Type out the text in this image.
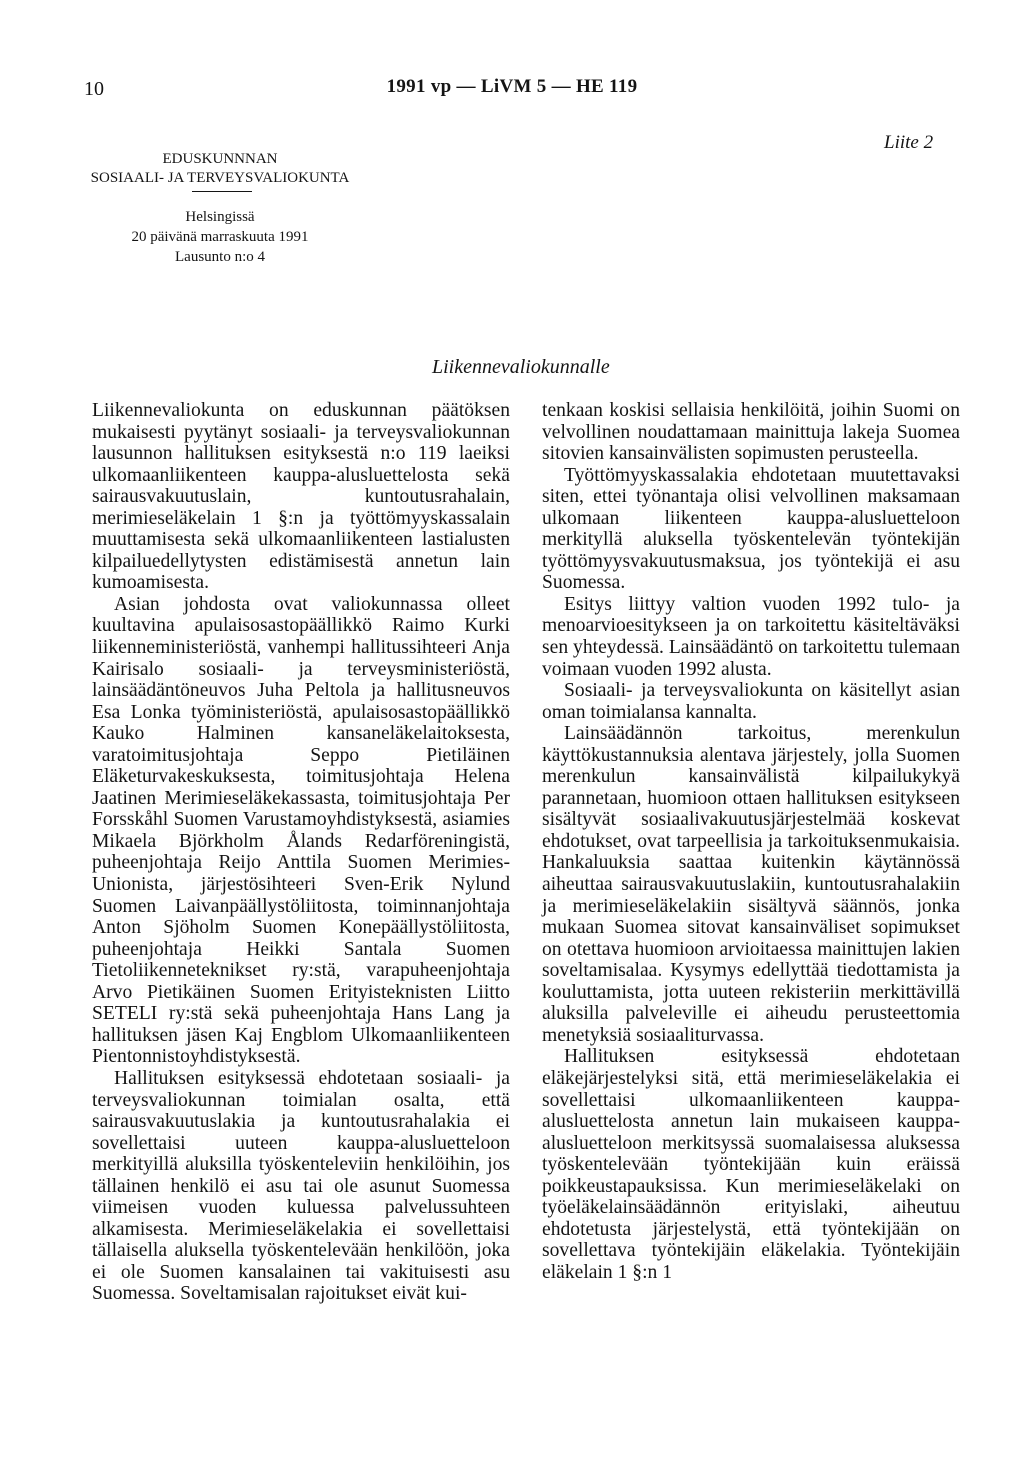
10	1991 vp — LiVM 5 — HE 119
Liite 2
EDUSKUNNNAN
SOSIAALI- JA TERVEYSVALIOKUNTA
Helsingissä
20 päivänä marraskuuta 1991
Lausunto n:o 4
Liikennevaliokunnalle

Liikennevaliokunta on eduskunnan päätöksen mukaisesti pyytänyt sosiaali- ja terveysvaliokunnan lausunnon hallituksen esityksestä n:o 119 laeiksi ulkomaanliikenteen kauppa-alusluettelosta sekä sairausvakuutuslain, kuntoutusrahalain, merimieseläkelain 1 §:n ja työttömyyskassalain muuttamisesta sekä ulkomaanliikenteen lastialusten kilpailuedellytysten edistämisestä annetun lain kumoamisesta.

Asian johdosta ovat valiokunnassa olleet kuultavina apulaisosastopäällikkö Raimo Kurki liikenneministeriöstä, vanhempi hallitussihteeri Anja Kairisalo sosiaali- ja terveysministeriöstä, lainsäädäntöneuvos Juha Peltola ja hallitusneuvos Esa Lonka työministeriöstä, apulaisosastopäällikkö Kauko Halminen kansaneläkelaitoksesta, varatoimitusjohtaja Seppo Pietiläinen Eläketurvakeskuksesta, toimitusjohtaja Helena Jaatinen Merimieseläkekassasta, toimitusjohtaja Per Forsskåhl Suomen Varustamoyhdistyksestä, asiamies Mikaela Björkholm Ålands Redarföreningistä, puheenjohtaja Reijo Anttila Suomen Merimies-Unionista, järjestösihteeri Sven-Erik Nylund Suomen Laivanpäällystöliitosta, toiminnanjohtaja Anton Sjöholm Suomen Konepäällystöliitosta, puheenjohtaja Heikki Santala Suomen Tietoliikenneteknikset ry:stä, varapuheenjohtaja Arvo Pietikäinen Suomen Erityisteknisten Liitto SETELI ry:stä sekä puheenjohtaja Hans Lang ja hallituksen jäsen Kaj Engblom Ulkomaanliikenteen Pientonnistoyhdistyksestä.

Hallituksen esityksessä ehdotetaan sosiaali- ja terveysvaliokunnan toimialan osalta, että sairausvakuutuslakia ja kuntoutusrahalakia ei sovellettaisi uuteen kauppa-alusluetteloon merkityillä aluksilla työskenteleviin henkilöihin, jos tällainen henkilö ei asu tai ole asunut Suomessa viimeisen vuoden kuluessa palvelussuhteen alkamisesta. Merimieseläkelakia ei sovellettaisi tällaisella aluksella työskentelevään henkilöön, joka ei ole Suomen kansalainen tai vakituisesti asu Suomessa. Soveltamisalan rajoitukset eivät kui-

tenkaan koskisi sellaisia henkilöitä, joihin Suomi on velvollinen noudattamaan mainittuja lakeja Suomea sitovien kansainvälisten sopimusten perusteella.

Työttömyyskassalakia ehdotetaan muutettavaksi siten, ettei työnantaja olisi velvollinen maksamaan ulkomaan liikenteen kauppa-alusluetteloon merkityllä aluksella työskentelevän työntekijän työttömyysvakuutusmaksua, jos työntekijä ei asu Suomessa.

Esitys liittyy valtion vuoden 1992 tulo- ja menoarvioesitykseen ja on tarkoitettu käsiteltäväksi sen yhteydessä. Lainsäädäntö on tarkoitettu tulemaan voimaan vuoden 1992 alusta.

Sosiaali- ja terveysvaliokunta on käsitellyt asian oman toimialansa kannalta.

Lainsäädännön tarkoitus, merenkulun käyttökustannuksia alentava järjestely, jolla Suomen merenkulun kansainvälistä kilpailukykyä parannetaan, huomioon ottaen hallituksen esitykseen sisältyvät sosiaalivakuutusjärjestelmää koskevat ehdotukset, ovat tarpeellisia ja tarkoituksenmukaisia. Hankaluuksia saattaa kuitenkin käytännössä aiheuttaa sairausvakuutuslakiin, kuntoutusrahalakiin ja merimieseläkelakiin sisältyvä säännös, jonka mukaan Suomea sitovat kansainväliset sopimukset on otettava huomioon arvioitaessa mainittujen lakien soveltamisalaa. Kysymys edellyttää tiedottamista ja kouluttamista, jotta uuteen rekisteriin merkittävillä aluksilla palveleville ei aiheudu perusteettomia menetyksiä sosiaaliturvassa.

Hallituksen esityksessä ehdotetaan eläkejärjestelyksi sitä, että merimieseläkelakia ei sovellettaisi ulkomaanliikenteen kauppa-alusluettelosta annetun lain mukaiseen kauppa-alusluetteloon merkitsyssä suomalaisessa aluksessa työskentelevään työntekijään kuin eräissä poikkeustapauksissa. Kun merimieseläkelaki on työeläkelainsäädännön erityislaki, aiheutuu ehdotetusta järjestelystä, että työntekijään on sovellettava työntekijäin eläkelakia. Työntekijäin eläkelain 1 §:n 1
